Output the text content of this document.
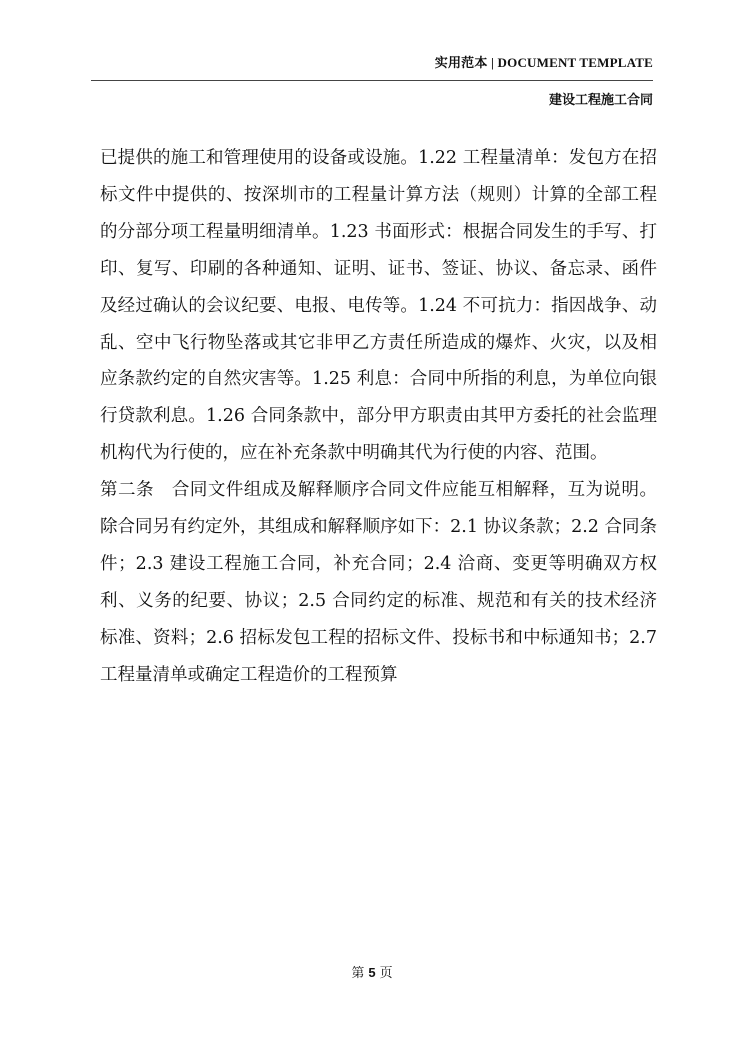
实用范本 | DOCUMENT TEMPLATE
建设工程施工合同

已提供的施工和管理使用的设备或设施。1.22 工程量清单：发包方在招标文件中提供的、按深圳市的工程量计算方法（规则）计算的全部工程的分部分项工程量明细清单。1.23 书面形式：根据合同发生的手写、打印、复写、印刷的各种通知、证明、证书、签证、协议、备忘录、函件及经过确认的会议纪要、电报、电传等。1.24 不可抗力：指因战争、动乱、空中飞行物坠落或其它非甲乙方责任所造成的爆炸、火灾，以及相应条款约定的自然灾害等。1.25 利息：合同中所指的利息，为单位向银行贷款利息。1.26 合同条款中，部分甲方职责由其甲方委托的社会监理机构代为行使的，应在补充条款中明确其代为行使的内容、范围。

第二条　合同文件组成及解释顺序合同文件应能互相解释，互为说明。除合同另有约定外，其组成和解释顺序如下：2.1 协议条款；2.2 合同条件；2.3 建设工程施工合同，补充合同；2.4 洽商、变更等明确双方权利、义务的纪要、协议；2.5 合同约定的标准、规范和有关的技术经济标准、资料；2.6 招标发包工程的招标文件、投标书和中标通知书；2.7 工程量清单或确定工程造价的工程预算

第 5 页
